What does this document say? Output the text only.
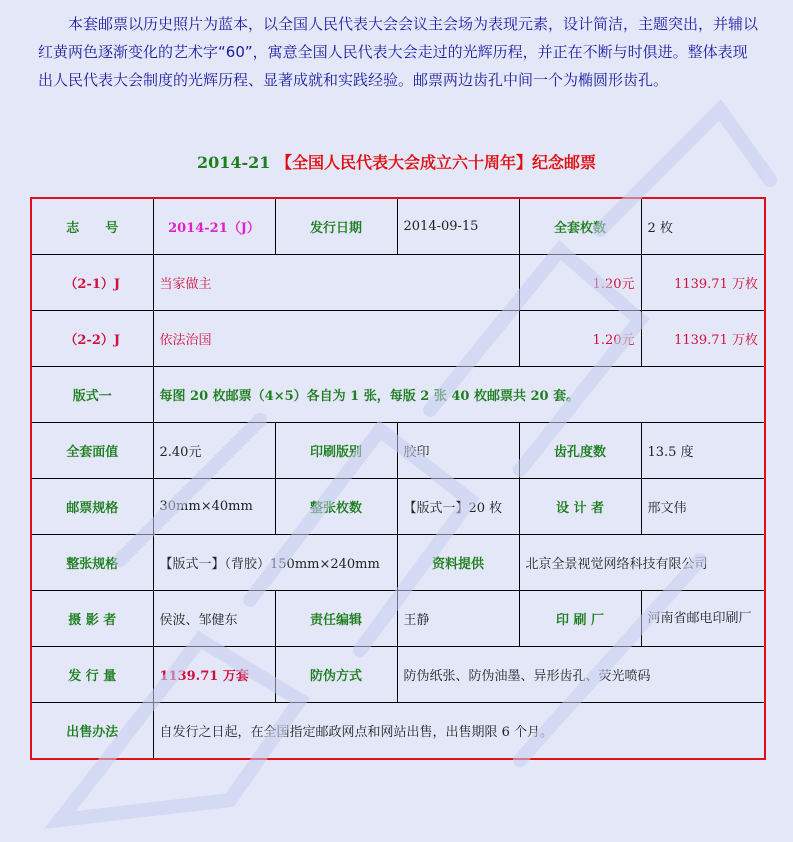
本套邮票以历史照片为蓝本，以全国人民代表大会会议主会场为表现元素，设计简洁，主题突出，并辅以红黄两色逐渐变化的艺术字“60”，寓意全国人民代表大会走过的光辉历程，并正在不断与时俱进。整体表现出人民代表大会制度的光辉历程、显著成就和实践经验。邮票两边齿孔中间一个为椭圆形齿孔。

2014-21 【全国人民代表大会成立六十周年】纪念邮票
志　　号	2014-21（J）	发行日期	2014-09-15	全套枚数	2 枚
（2-1）J	当家做主			1.20元	1139.71 万枚
（2-2）J	依法治国			1.20元	1139.71 万枚
版式一	每图 20 枚邮票（4×5）各自为 1 张，每版 2 张 40 枚邮票共 20 套。				
全套面值	2.40元	印刷版别	胶印	齿孔度数	13.5 度
邮票规格	30mm×40mm	整张枚数	【版式一】20 枚	设 计 者	邢文伟
整张规格	【版式一】（背胶）150mm×240mm		资料提供	北京全景视觉网络科技有限公司	
摄 影 者	侯波、邹健东	责任编辑	王静	印 刷 厂	河南省邮电印刷厂
发 行 量	1139.71 万套	防伪方式	防伪纸张、防伪油墨、异形齿孔、荧光喷码		
出售办法	自发行之日起，在全国指定邮政网点和网站出售，出售期限 6 个月。				
